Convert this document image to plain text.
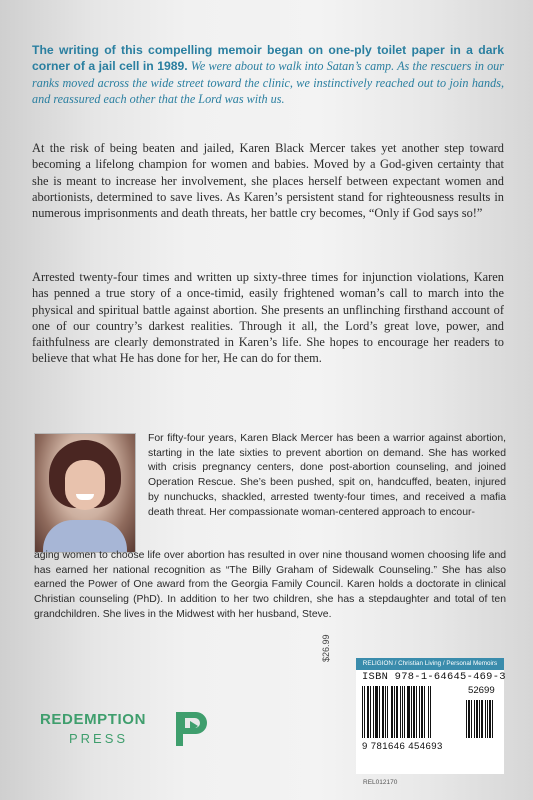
The writing of this compelling memoir began on one-ply toilet paper in a dark corner of a jail cell in 1989. We were about to walk into Satan’s camp. As the rescuers in our ranks moved across the wide street toward the clinic, we instinctively reached out to join hands, and reassured each other that the Lord was with us.
At the risk of being beaten and jailed, Karen Black Mercer takes yet another step toward becoming a lifelong champion for women and babies. Moved by a God-given certainty that she is meant to increase her involvement, she places herself between expectant women and abortionists, determined to save lives. As Karen’s persistent stand for righteousness results in numerous imprisonments and death threats, her battle cry becomes, “Only if God says so!”
Arrested twenty-four times and written up sixty-three times for injunction violations, Karen has penned a true story of a once-timid, easily frightened woman’s call to march into the physical and spiritual battle against abortion. She presents an unflinching firsthand account of one of our country’s darkest realities. Through it all, the Lord’s great love, power, and faithfulness are clearly demonstrated in Karen’s life. She hopes to encourage her readers to believe that what He has done for her, He can do for them.
For fifty-four years, Karen Black Mercer has been a warrior against abortion, starting in the late sixties to prevent abortion on demand. She has worked with crisis pregnancy centers, done post-abortion counseling, and joined Operation Rescue. She’s been pushed, spit on, handcuffed, beaten, injured by nunchucks, shackled, arrested twenty-four times, and received a mafia death threat. Her compassionate woman-centered approach to encour-
aging women to choose life over abortion has resulted in over nine thousand women choosing life and has earned her national recognition as “The Billy Graham of Sidewalk Counseling.” She has also earned the Power of One award from the Georgia Family Council. Karen holds a doctorate in clinical Christian counseling (PhD). In addition to her two children, she has a stepdaughter and total of ten grandchildren. She lives in the Midwest with her husband, Steve.
REDEMPTION
PRESS
$26.99
RELIGION / Christian Living / Personal Memoirs
ISBN 978-1-64645-469-3
52699
9 781646 454693
REL012170
